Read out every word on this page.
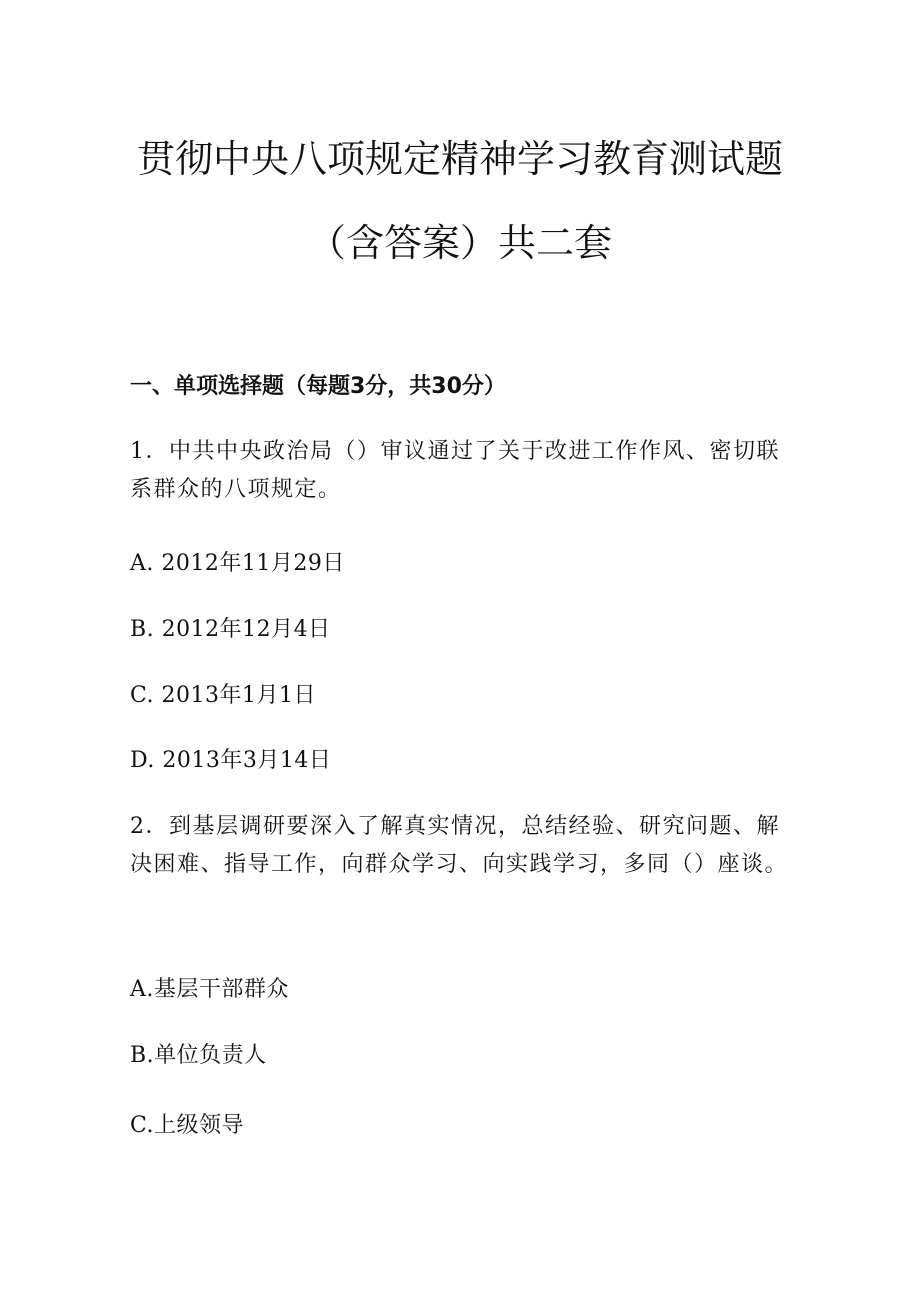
贯彻中央八项规定精神学习教育测试题
（含答案）共二套
一、单项选择题（每题3分，共30分）

1．中共中央政治局（）审议通过了关于改进工作作风、密切联系群众的八项规定。

A. 2012年11月29日

B. 2012年12月4日

C. 2013年1月1日

D. 2013年3月14日

2．到基层调研要深入了解真实情况，总结经验、研究问题、解决困难、指导工作，向群众学习、向实践学习，多同（）座谈。

A.基层干部群众

B.单位负责人

C.上级领导
